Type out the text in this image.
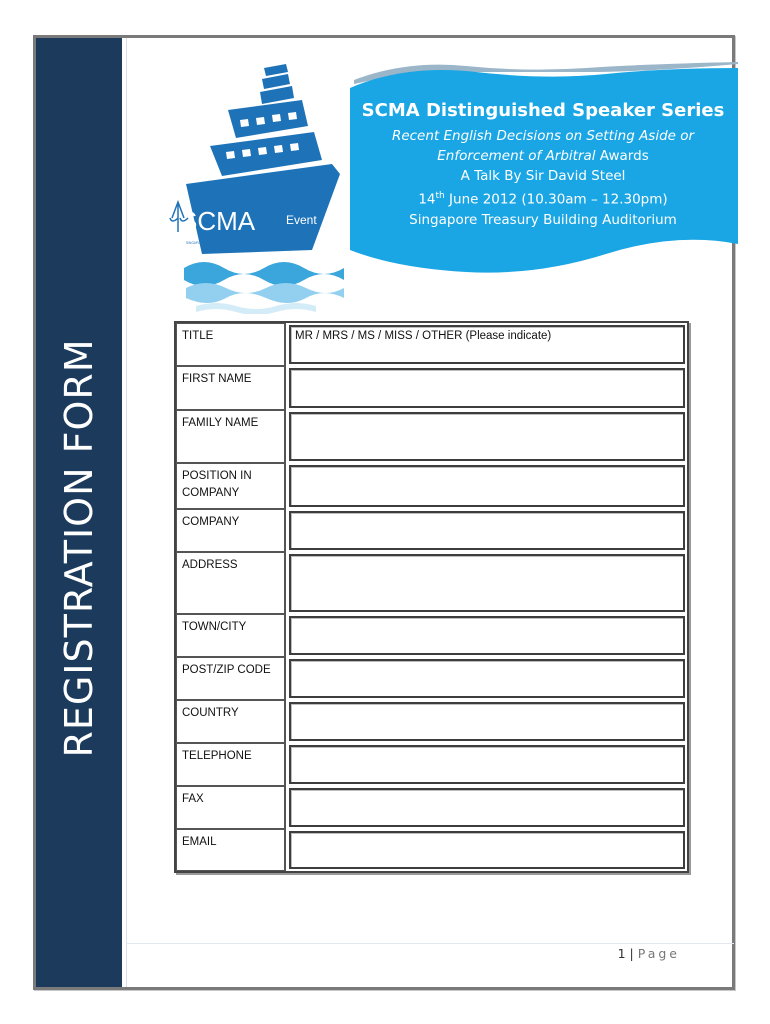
REGISTRATION FORM
SCMA	Event
SINGAPORE CHAMBER OF MARITIME ARBITRATION
SCMA Distinguished Speaker Series
Recent English Decisions on Setting Aside or
Enforcement of Arbitral Awards
A Talk By Sir David Steel
14th June 2012 (10.30am – 12.30pm)
Singapore Treasury Building Auditorium
TITLE	MR / MRS / MS / MISS / OTHER (Please indicate)
FIRST NAME
FAMILY NAME
POSITION IN COMPANY
COMPANY
ADDRESS
TOWN/CITY
POST/ZIP CODE
COUNTRY
TELEPHONE
FAX
EMAIL
1 | Page
